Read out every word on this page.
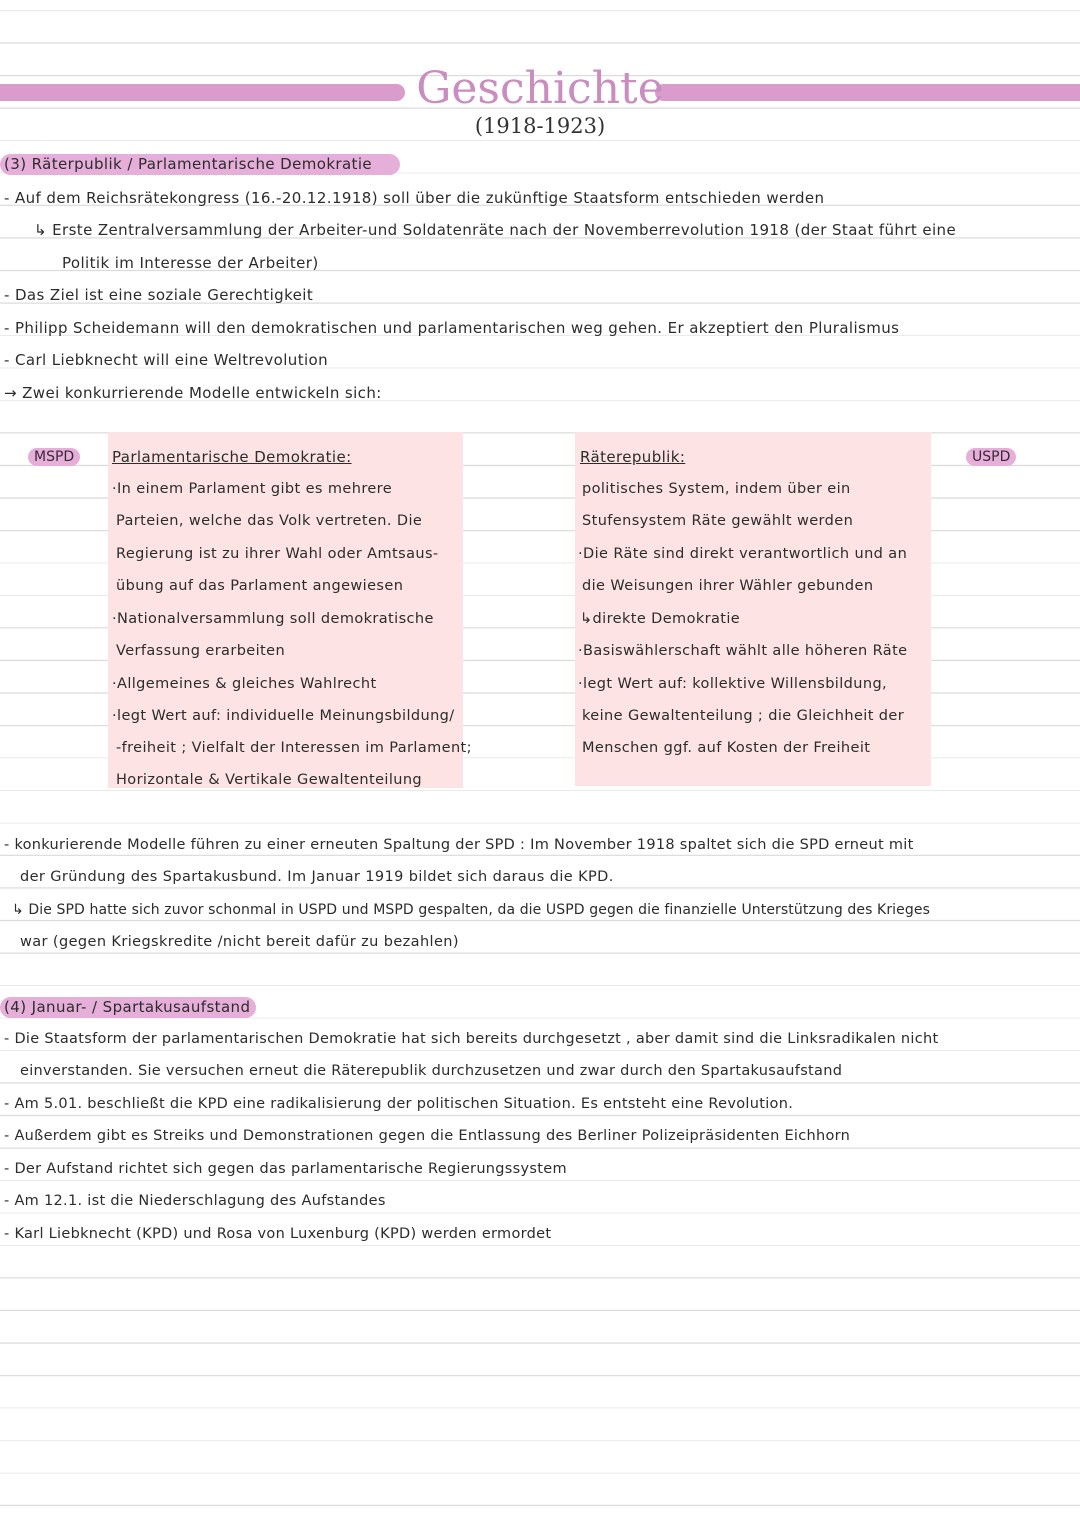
Geschichte
(1918-1923)
(3) Räterpublik / Parlamentarische Demokratie
- Auf dem Reichsrätekongress (16.-20.12.1918) soll über die zukünftige Staatsform entschieden werden
↳ Erste Zentralversammlung der Arbeiter-und Soldatenräte nach der Novemberrevolution 1918 (der Staat führt eine
Politik im Interesse der Arbeiter)
- Das Ziel ist eine soziale Gerechtigkeit
- Philipp Scheidemann will den demokratischen und parlamentarischen weg gehen. Er akzeptiert den Pluralismus
- Carl Liebknecht will eine Weltrevolution
→ Zwei konkurrierende Modelle entwickeln sich:
MSPD	USPD
Parlamentarische Demokratie:
·In einem Parlament gibt es mehrere
Parteien, welche das Volk vertreten. Die
Regierung ist zu ihrer Wahl oder Amtsaus-
übung auf das Parlament angewiesen
·Nationalversammlung soll demokratische
Verfassung erarbeiten
·Allgemeines & gleiches Wahlrecht
·legt Wert auf: individuelle Meinungsbildung/
-freiheit ; Vielfalt der Interessen im Parlament;
Horizontale & Vertikale Gewaltenteilung
Räterepublik:
politisches System, indem über ein
Stufensystem Räte gewählt werden
·Die Räte sind direkt verantwortlich und an
die Weisungen ihrer Wähler gebunden
↳direkte Demokratie
·Basiswählerschaft wählt alle höheren Räte
·legt Wert auf: kollektive Willensbildung,
keine Gewaltenteilung ; die Gleichheit der
Menschen ggf. auf Kosten der Freiheit
- konkurierende Modelle führen zu einer erneuten Spaltung der SPD : Im November 1918 spaltet sich die SPD erneut mit
der Gründung des Spartakusbund. Im Januar 1919 bildet sich daraus die KPD.
↳ Die SPD hatte sich zuvor schonmal in USPD und MSPD gespalten, da die USPD gegen die finanzielle Unterstützung des Krieges
war (gegen Kriegskredite /nicht bereit dafür zu bezahlen)
(4) Januar- / Spartakusaufstand
- Die Staatsform der parlamentarischen Demokratie hat sich bereits durchgesetzt , aber damit sind die Linksradikalen nicht
einverstanden. Sie versuchen erneut die Räterepublik durchzusetzen und zwar durch den Spartakusaufstand
- Am 5.01. beschließt die KPD eine radikalisierung der politischen Situation. Es entsteht eine Revolution.
- Außerdem gibt es Streiks und Demonstrationen gegen die Entlassung des Berliner Polizeipräsidenten Eichhorn
- Der Aufstand richtet sich gegen das parlamentarische Regierungssystem
- Am 12.1. ist die Niederschlagung des Aufstandes
- Karl Liebknecht (KPD) und Rosa von Luxenburg (KPD) werden ermordet
